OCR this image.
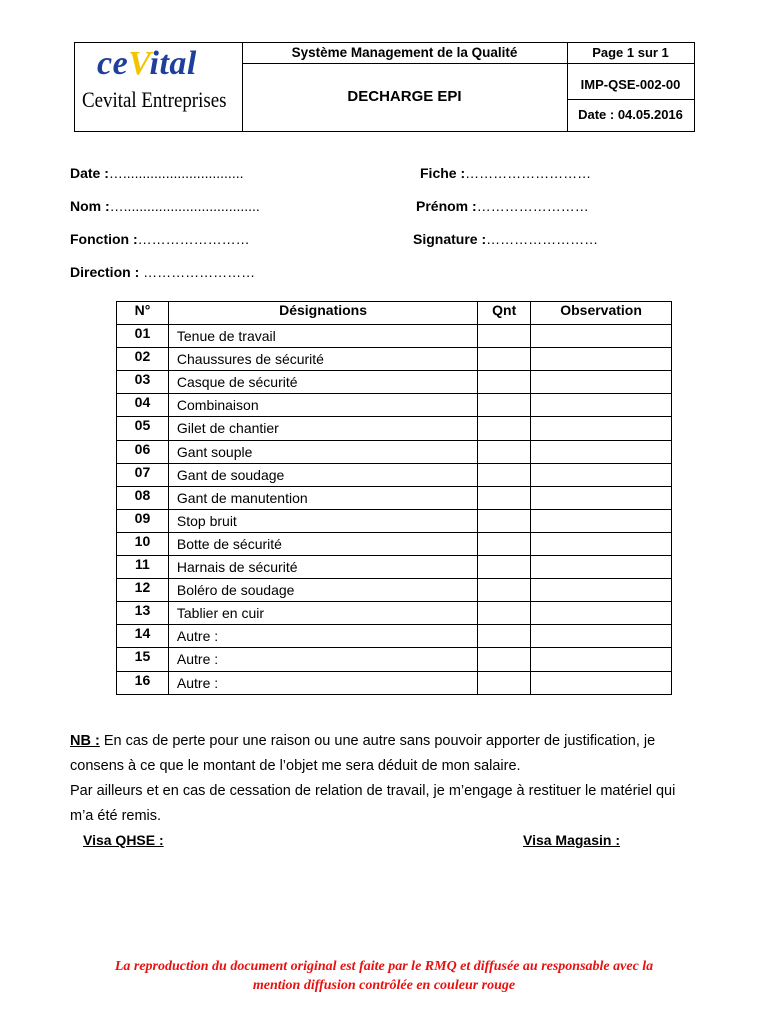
ceVital
Cevital Entreprises
Système Management de la Qualité
DECHARGE EPI
Page 1 sur 1
IMP-QSE-002-00
Date : 04.05.2016
Date :…...............................	Fiche :………………………
Nom :…...................................	Prénom :……………………
Fonction :……………………	Signature :……………………
Direction : ……………………
N°	Désignations	Qnt	Observation
01	Tenue de travail		
02	Chaussures de sécurité		
03	Casque de sécurité		
04	Combinaison		
05	Gilet de chantier		
06	Gant souple		
07	Gant de soudage		
08	Gant de manutention		
09	Stop bruit		
10	Botte de sécurité		
11	Harnais de sécurité		
12	Boléro de soudage		
13	Tablier en cuir		
14	Autre :		
15	Autre :		
16	Autre :		
NB : En cas de perte pour une raison ou une autre sans pouvoir apporter de justification, je consens à ce que le montant de l’objet me sera déduit de mon salaire.
Par ailleurs et en cas de cessation de relation de travail, je m’engage à restituer le matériel qui m’a été remis.
Visa QHSE :	Visa Magasin :
La reproduction du document original est faite par le RMQ et diffusée au responsable avec la
mention diffusion contrôlée en couleur rouge
